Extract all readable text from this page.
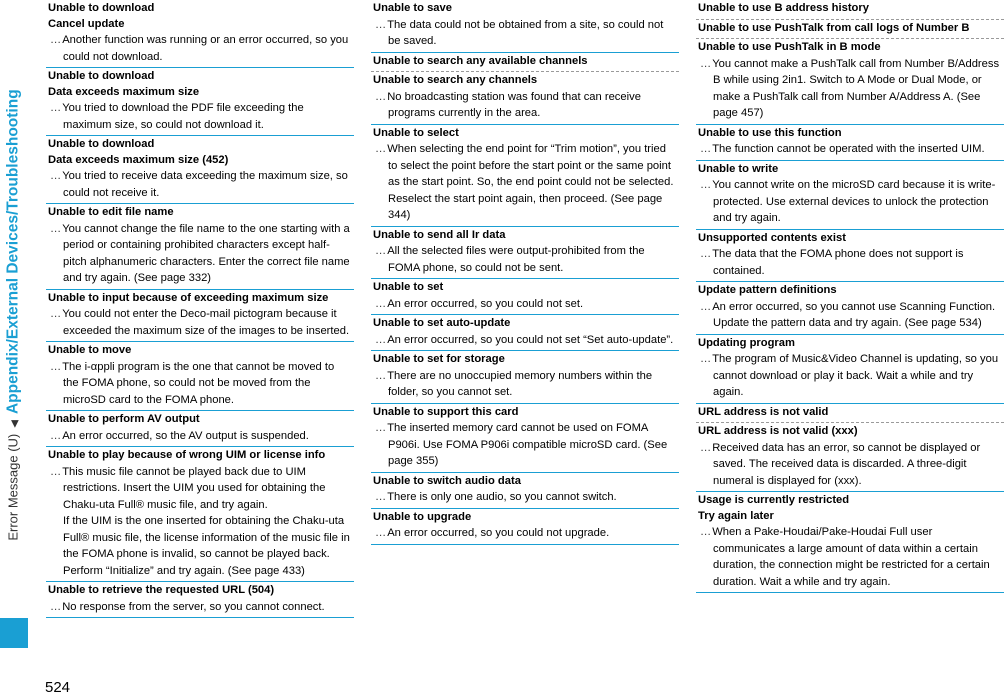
Error Message (U)
◀
Appendix/External Devices/Troubleshooting
524
Unable to download
Cancel update
… Another function was running or an error occurred, so you could not download.
Unable to download
Data exceeds maximum size
… You tried to download the PDF file exceeding the maximum size, so could not download it.
Unable to download
Data exceeds maximum size (452)
… You tried to receive data exceeding the maximum size, so could not receive it.
Unable to edit file name
… You cannot change the file name to the one starting with a period or containing prohibited characters except half-pitch alphanumeric characters. Enter the correct file name and try again. (See page 332)
Unable to input because of exceeding maximum size
… You could not enter the Deco-mail pictogram because it exceeded the maximum size of the images to be inserted.
Unable to move
… The i-αppli program is the one that cannot be moved to the FOMA phone, so could not be moved from the microSD card to the FOMA phone.
Unable to perform AV output
… An error occurred, so the AV output is suspended.
Unable to play because of wrong UIM or license info
… This music file cannot be played back due to UIM restrictions. Insert the UIM you used for obtaining the Chaku-uta Full® music file, and try again.
If the UIM is the one inserted for obtaining the Chaku-uta Full® music file, the license information of the music file in the FOMA phone is invalid, so cannot be played back. Perform “Initialize” and try again. (See page 433)
Unable to retrieve the requested URL (504)
… No response from the server, so you cannot connect.
Unable to save
… The data could not be obtained from a site, so could not be saved.
Unable to search any available channels
Unable to search any channels
… No broadcasting station was found that can receive programs currently in the area.
Unable to select
… When selecting the end point for “Trim motion”, you tried to select the point before the start point or the same point as the start point. So, the end point could not be selected. Reselect the start point again, then proceed. (See page 344)
Unable to send all Ir data
… All the selected files were output-prohibited from the FOMA phone, so could not be sent.
Unable to set
… An error occurred, so you could not set.
Unable to set auto-update
… An error occurred, so you could not set “Set auto-update”.
Unable to set for storage
… There are no unoccupied memory numbers within the folder, so you cannot set.
Unable to support this card
… The inserted memory card cannot be used on FOMA P906i. Use FOMA P906i compatible microSD card. (See page 355)
Unable to switch audio data
… There is only one audio, so you cannot switch.
Unable to upgrade
… An error occurred, so you could not upgrade.
Unable to use B address history
Unable to use PushTalk from call logs of Number B
Unable to use PushTalk in B mode
… You cannot make a PushTalk call from Number B/Address B while using 2in1. Switch to A Mode or Dual Mode, or make a PushTalk call from Number A/Address A. (See page 457)
Unable to use this function
… The function cannot be operated with the inserted UIM.
Unable to write
… You cannot write on the microSD card because it is write-protected. Use external devices to unlock the protection and try again.
Unsupported contents exist
… The data that the FOMA phone does not support is contained.
Update pattern definitions
… An error occurred, so you cannot use Scanning Function. Update the pattern data and try again. (See page 534)
Updating program
… The program of Music&Video Channel is updating, so you cannot download or play it back. Wait a while and try again.
URL address is not valid
URL address is not valid (xxx)
… Received data has an error, so cannot be displayed or saved. The received data is discarded. A three-digit numeral is displayed for (xxx).
Usage is currently restricted
Try again later
… When a Pake-Houdai/Pake-Houdai Full user communicates a large amount of data within a certain duration, the connection might be restricted for a certain duration. Wait a while and try again.
